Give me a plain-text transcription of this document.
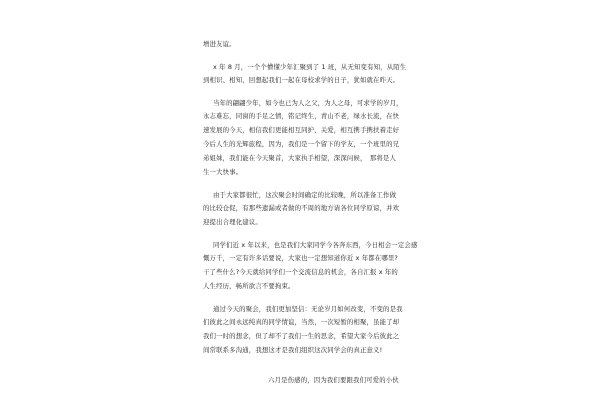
增进友谊。
x 年 8 月，一个个懵懂少年汇聚到了 1 班，从无知变有知，从陌生
到相识、相知，回想起我们一起在母校求学的日子，犹如就在昨天。
当年的翩翩少年，如今也已为人之父，为人之母，可求学的岁月，
永志难忘，同窗的手足之情，铭记终生，青山不老，绿水长流，在快
速发展的今天，相信我们更能相互同护、关爱，相互携手携扶着走好
今后人生的光辉旅程，因为，我们是一个留下的学友，一个班里的兄
弟姐妹，我们能在今天聚首，大家执手相望，深深问候，　那将是人
生一大快事。
由于大家都很忙，这次聚会时间确定的比较晚，所以准备工作做
的比较仓促，有那些遗漏或者做的不周的地方请各位同学原谅，并欢
迎提出合理化建议。
同学们近 x 年以来，也是我们大家同学今各奔东西，今日相会一定会感
慨万千，一定有许多话要说，大家也一定想知道你近 x 年都在哪里?
干了些什么?今天就给同学们一个交流信息的机会，各自汇报 x 年的
人生经历，畅所欲言不要拘束。
通过今天的聚会，我们更加坚信：无论岁月如何改变，不变的是我
们彼此之间永远纯真的同学情谊，当然，一次短暂的相聚，虽能了却
我们一时的想念，但了却不了我们一生的思念，希望大家今后彼此之
间常联系多沟通，我想这才是我们组织这次同学会的真正意义!
六月是伤感的，因为我们要跟我们可爱的小伙
